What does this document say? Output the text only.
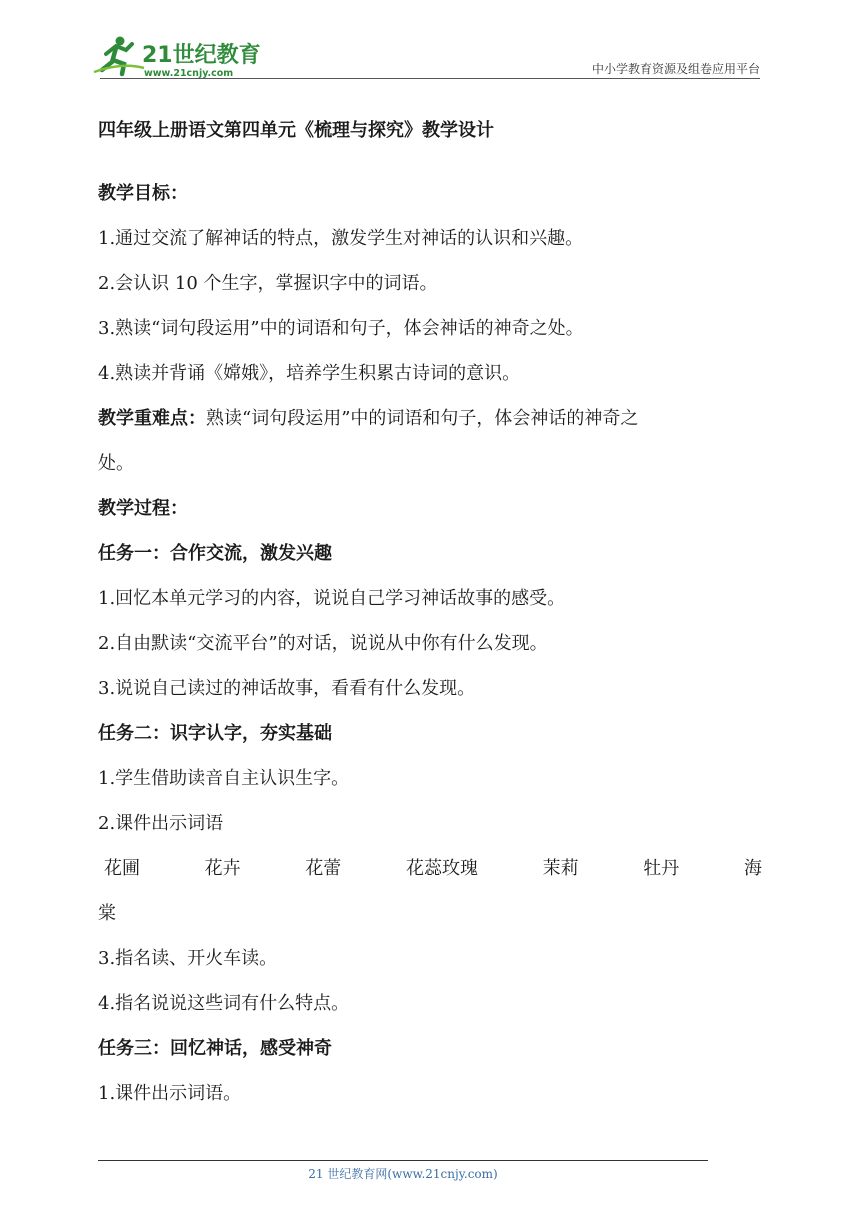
21世纪教育
www.21cnjy.com	中小学教育资源及组卷应用平台
四年级上册语文第四单元《梳理与探究》教学设计
教学目标：
1.通过交流了解神话的特点，激发学生对神话的认识和兴趣。
2.会认识 10 个生字，掌握识字中的词语。
3.熟读“词句段运用”中的词语和句子，体会神话的神奇之处。
4.熟读并背诵《嫦娥》，培养学生积累古诗词的意识。
教学重难点：熟读“词句段运用”中的词语和句子，体会神话的神奇之
处。
教学过程：
任务一：合作交流，激发兴趣
1.回忆本单元学习的内容，说说自己学习神话故事的感受。
2.自由默读“交流平台”的对话，说说从中你有什么发现。
3.说说自己读过的神话故事，看看有什么发现。
任务二：识字认字，夯实基础
1.学生借助读音自主认识生字。
2.课件出示词语
花圃	花卉	花蕾	花蕊玫瑰	茉莉	牡丹	海
棠
3.指名读、开火车读。
4.指名说说这些词有什么特点。
任务三：回忆神话，感受神奇
1.课件出示词语。
21 世纪教育网(www.21cnjy.com)
